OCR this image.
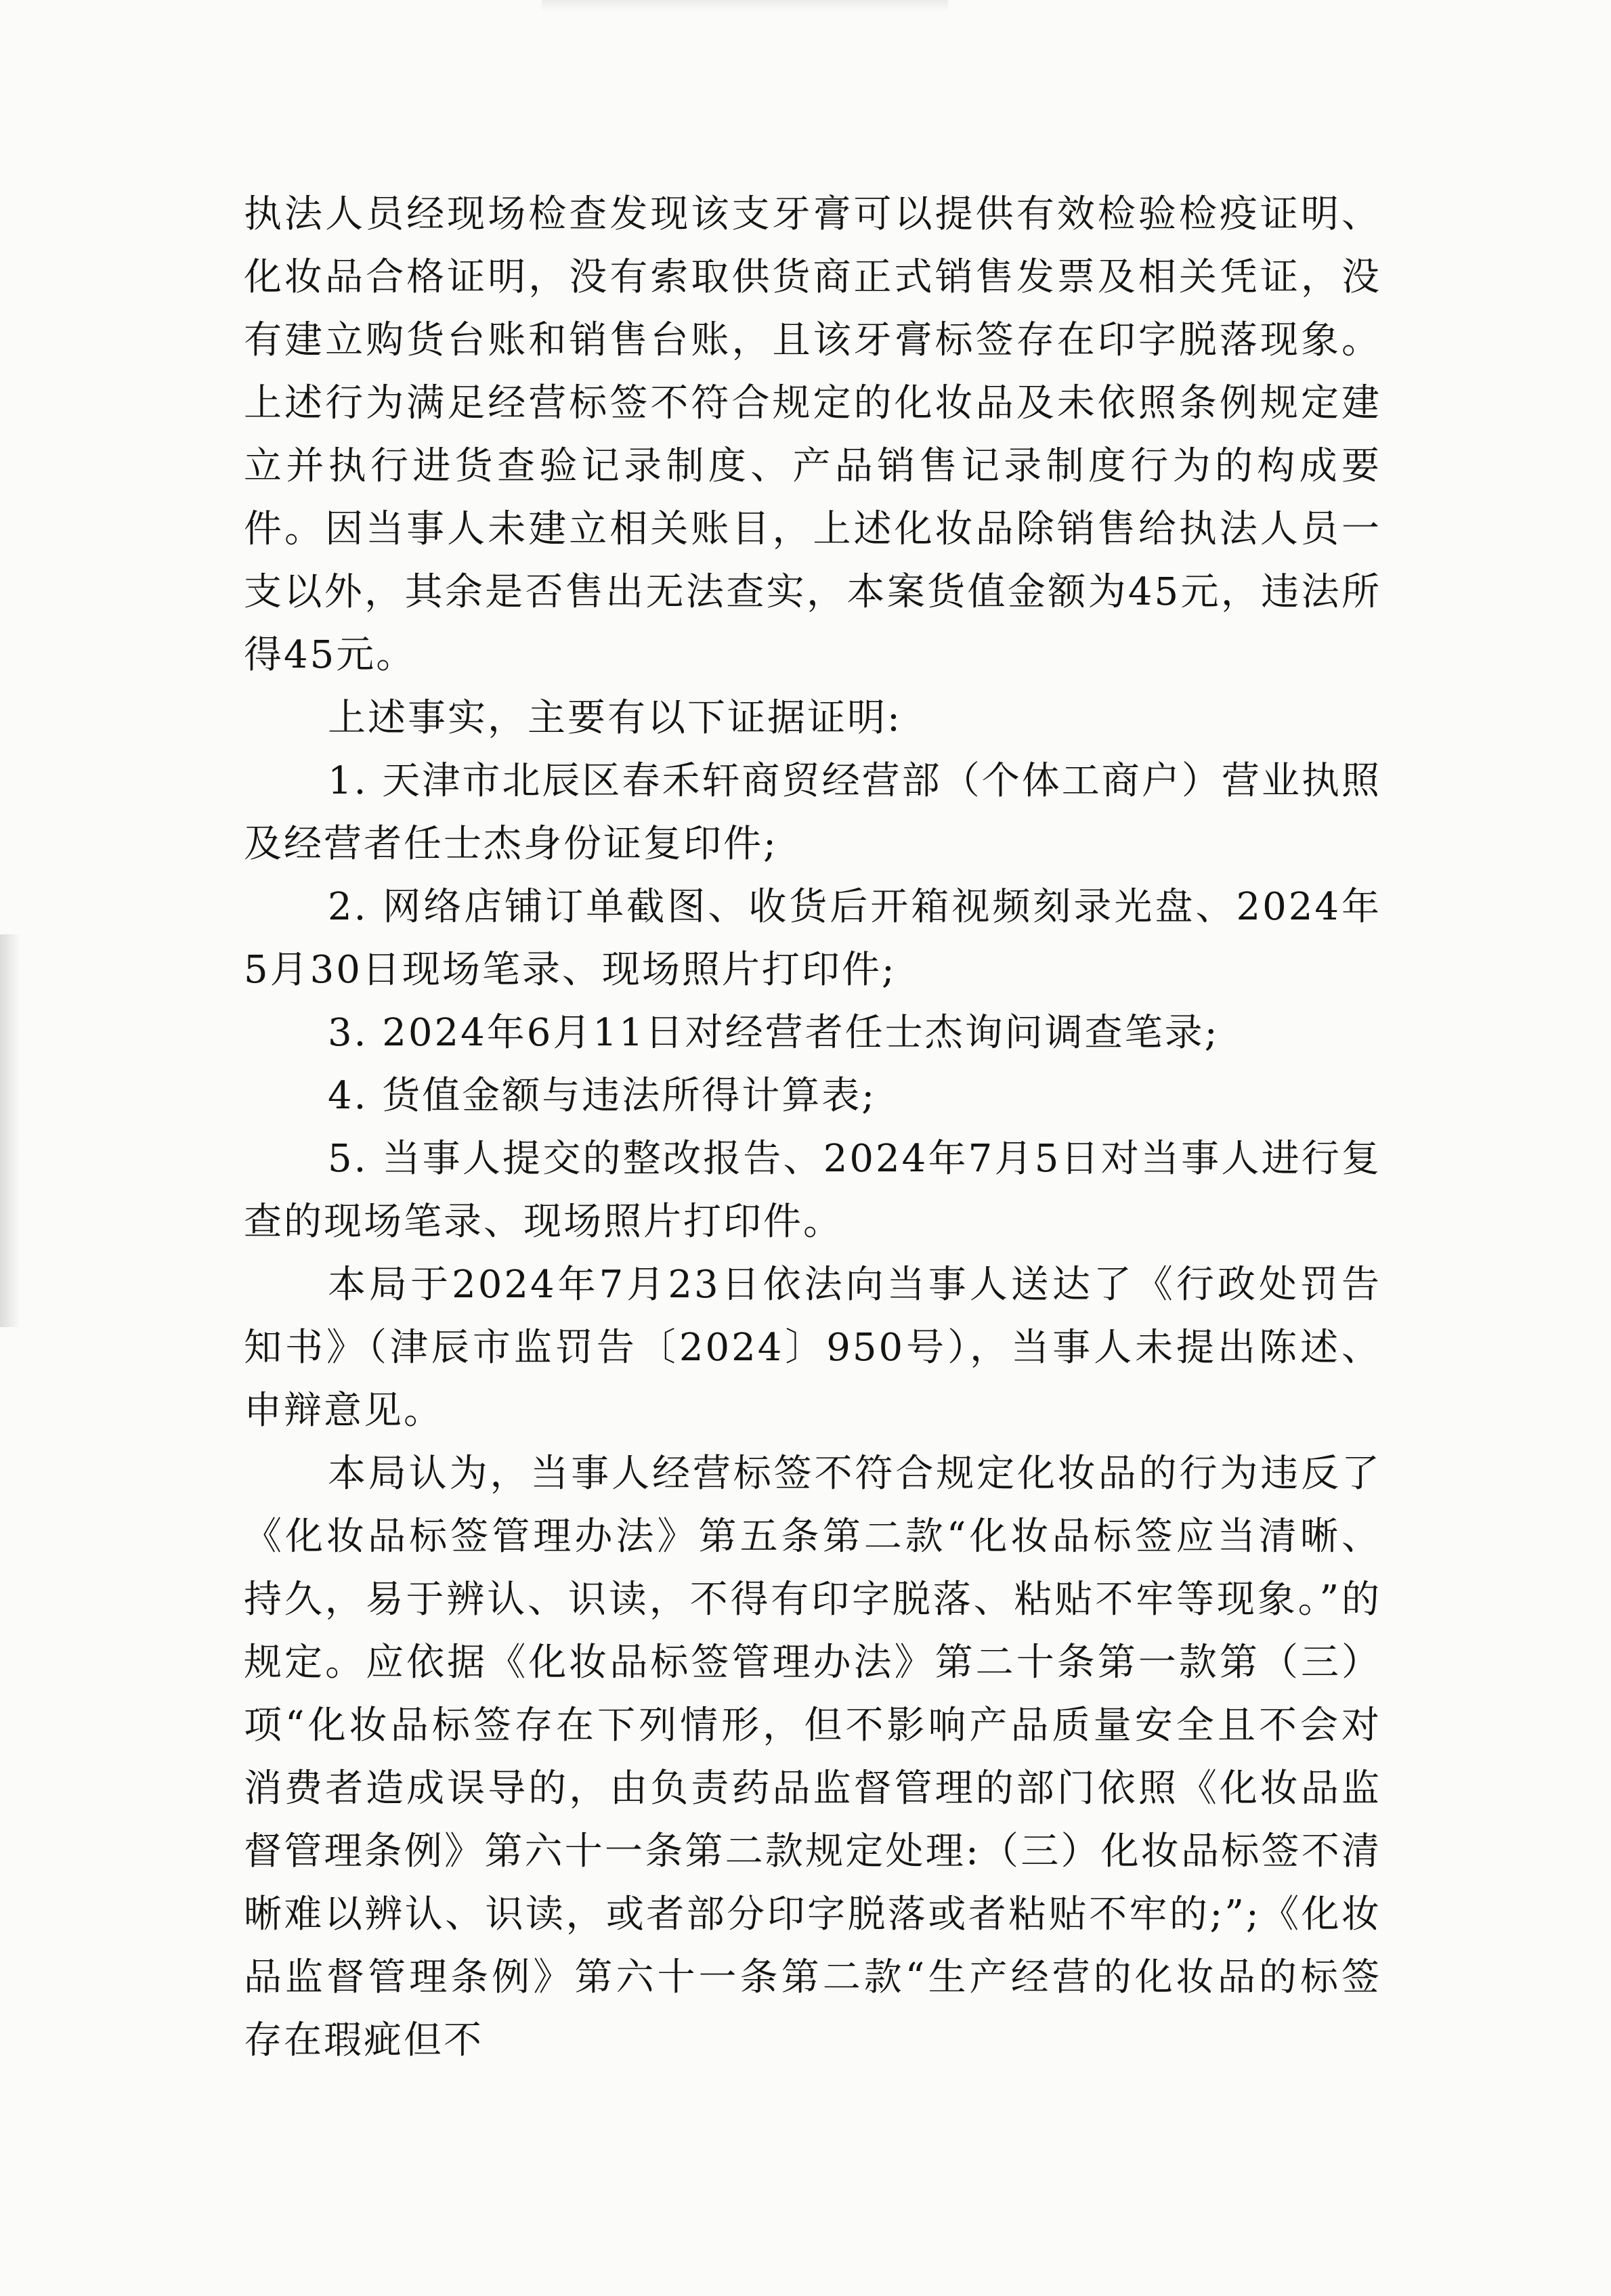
执法人员经现场检查发现该支牙膏可以提供有效检验检疫证明、化妆品合格证明，没有索取供货商正式销售发票及相关凭证，没有建立购货台账和销售台账，且该牙膏标签存在印字脱落现象。上述行为满足经营标签不符合规定的化妆品及未依照条例规定建立并执行进货查验记录制度、产品销售记录制度行为的构成要件。因当事人未建立相关账目，上述化妆品除销售给执法人员一支以外，其余是否售出无法查实，本案货值金额为45元，违法所得45元。

上述事实，主要有以下证据证明:

1. 天津市北辰区春禾轩商贸经营部（个体工商户）营业执照及经营者任士杰身份证复印件;

2. 网络店铺订单截图、收货后开箱视频刻录光盘、2024年5月30日现场笔录、现场照片打印件;

3. 2024年6月11日对经营者任士杰询问调查笔录;

4. 货值金额与违法所得计算表;

5. 当事人提交的整改报告、2024年7月5日对当事人进行复查的现场笔录、现场照片打印件。

本局于2024年7月23日依法向当事人送达了《行政处罚告知书》（津辰市监罚告〔2024〕950号），当事人未提出陈述、申辩意见。

本局认为，当事人经营标签不符合规定化妆品的行为违反了《化妆品标签管理办法》第五条第二款“化妆品标签应当清晰、持久，易于辨认、识读，不得有印字脱落、粘贴不牢等现象。”的规定。应依据《化妆品标签管理办法》第二十条第一款第（三）项“化妆品标签存在下列情形，但不影响产品质量安全且不会对消费者造成误导的，由负责药品监督管理的部门依照《化妆品监督管理条例》第六十一条第二款规定处理:（三）化妆品标签不清晰难以辨认、识读，或者部分印字脱落或者粘贴不牢的;”;《化妆品监督管理条例》第六十一条第二款“生产经营的化妆品的标签存在瑕疵但不
